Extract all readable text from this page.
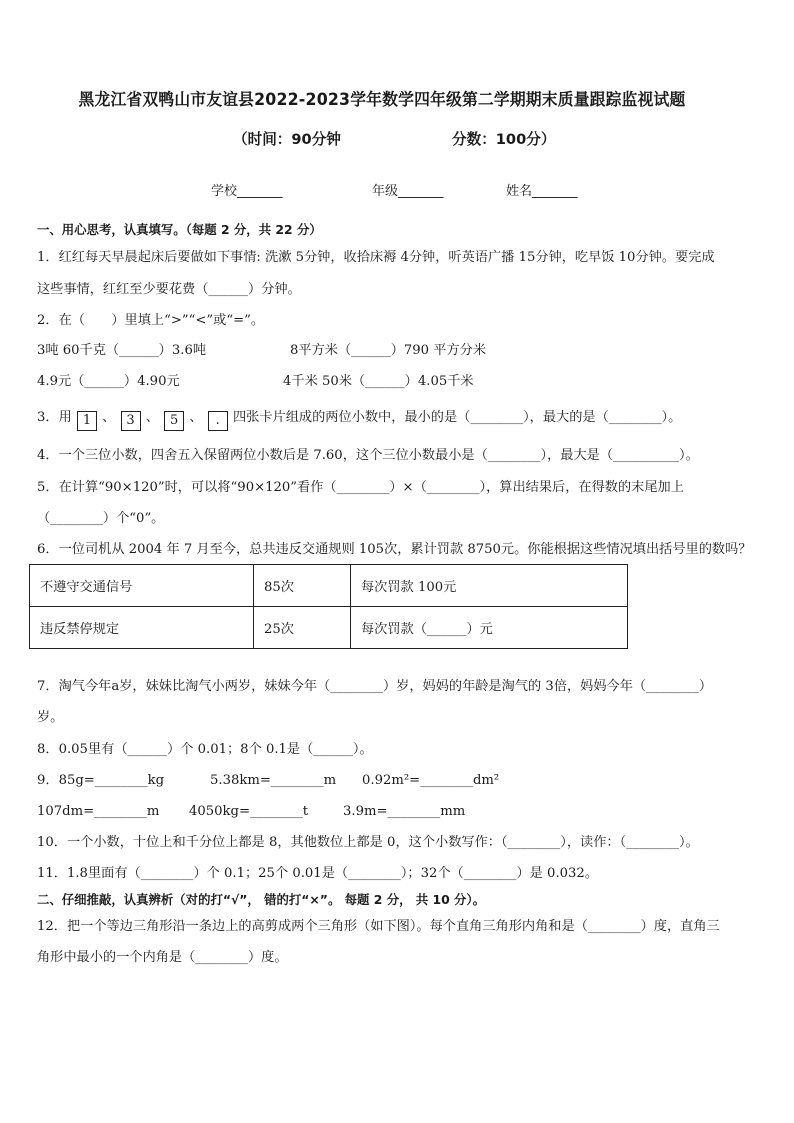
黑龙江省双鸭山市友谊县2022-2023学年数学四年级第二学期期末质量跟踪监视试题
（时间：90分钟	分数：100分）
学校_______	年级_______	姓名_______
一、用心思考，认真填写。（每题 2 分，共 22 分）
1．红红每天早晨起床后要做如下事情: 洗漱 5分钟，收拾床褥 4分钟，听英语广播 15分钟，吃早饭 10分钟。要完成
这些事情，红红至少要花费（______）分钟。
2．在（　　）里填上“>”“<”或“=”。
3吨 60千克（______）3.6吨	8平方米（______）790 平方分米
4.9元（______）4.90元	4千米 50米（______）4.05千米
3．用 1 、 3 、 5 、 . 四张卡片组成的两位小数中，最小的是（________），最大的是（________）。
4．一个三位小数，四舍五入保留两位小数后是 7.60，这个三位小数最小是（________），最大是（__________）。
5．在计算“90×120”时，可以将“90×120”看作（________）×（________），算出结果后，在得数的末尾加上
（________）个“0”。
6．一位司机从 2004 年 7 月至今，总共违反交通规则 105次，累计罚款 8750元。你能根据这些情况填出括号里的数吗？
不遵守交通信号	85次	每次罚款 100元
违反禁停规定	25次	每次罚款（______）元
7．淘气今年a岁，妹妹比淘气小两岁，妹妹今年（________）岁，妈妈的年龄是淘气的 3倍，妈妈今年（________）
岁。
8．0.05里有（______）个 0.01；8个 0.1是（______）。
9．85g=________kg	5.38km=________m 0.92m²=________dm²
107dm=________m 4050kg=________t	3.9m=________mm
10．一个小数，十位上和千分位上都是 8，其他数位上都是 0，这个小数写作：（________），读作：（________）。
11．1.8里面有（________）个 0.1；25个 0.01是（________）；32个（________）是 0.032。
二、仔细推敲，认真辨析（对的打“√”， 错的打“×”。 每题 2 分， 共 10 分）。
12．把一个等边三角形沿一条边上的高剪成两个三角形（如下图）。每个直角三角形内角和是（________）度，直角三
角形中最小的一个内角是（________）度。
